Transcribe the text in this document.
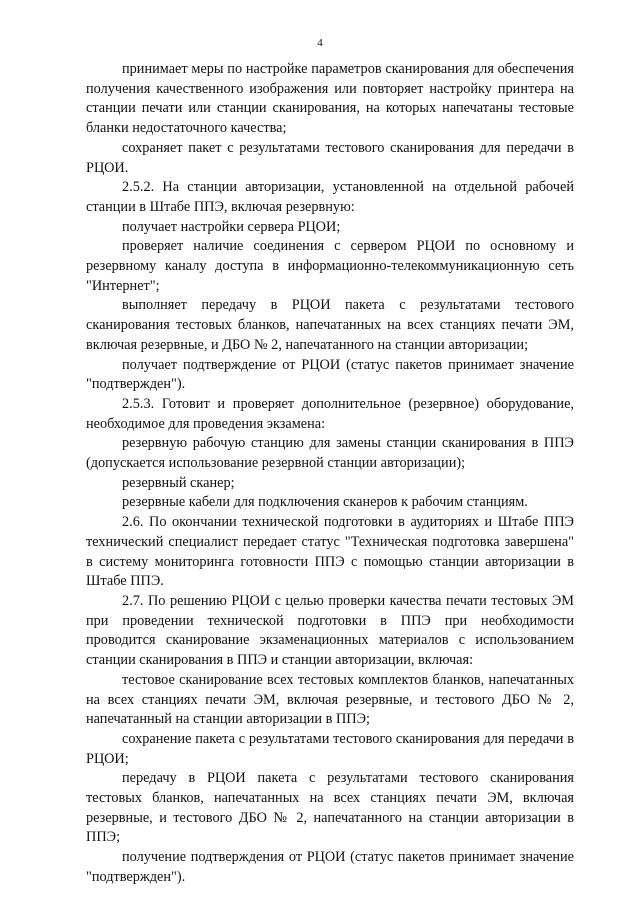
4

принимает меры по настройке параметров сканирования для обеспечения получения качественного изображения или повторяет настройку принтера на станции печати или станции сканирования, на которых напечатаны тестовые бланки недостаточного качества;

сохраняет пакет с результатами тестового сканирования для передачи в РЦОИ.

2.5.2. На станции авторизации, установленной на отдельной рабочей станции в Штабе ППЭ, включая резервную:

получает настройки сервера РЦОИ;

проверяет наличие соединения с сервером РЦОИ по основному и резервному каналу доступа в информационно-телекоммуникационную сеть "Интернет";

выполняет передачу в РЦОИ пакета с результатами тестового сканирования тестовых бланков, напечатанных на всех станциях печати ЭМ, включая резервные, и ДБО № 2, напечатанного на станции авторизации;

получает подтверждение от РЦОИ (статус пакетов принимает значение "подтвержден").

2.5.3. Готовит и проверяет дополнительное (резервное) оборудование, необходимое для проведения экзамена:

резервную рабочую станцию для замены станции сканирования в ППЭ (допускается использование резервной станции авторизации);

резервный сканер;

резервные кабели для подключения сканеров к рабочим станциям.

2.6. По окончании технической подготовки в аудиториях и Штабе ППЭ технический специалист передает статус "Техническая подготовка завершена" в систему мониторинга готовности ППЭ с помощью станции авторизации в Штабе ППЭ.

2.7. По решению РЦОИ с целью проверки качества печати тестовых ЭМ при проведении технической подготовки в ППЭ при необходимости проводится сканирование экзаменационных материалов с использованием станции сканирования в ППЭ и станции авторизации, включая:

тестовое сканирование всех тестовых комплектов бланков, напечатанных на всех станциях печати ЭМ, включая резервные, и тестового ДБО № 2, напечатанный на станции авторизации в ППЭ;

сохранение пакета с результатами тестового сканирования для передачи в РЦОИ;

передачу в РЦОИ пакета с результатами тестового сканирования тестовых бланков, напечатанных на всех станциях печати ЭМ, включая резервные, и тестового ДБО № 2, напечатанного на станции авторизации в ППЭ;

получение подтверждения от РЦОИ (статус пакетов принимает значение "подтвержден").
